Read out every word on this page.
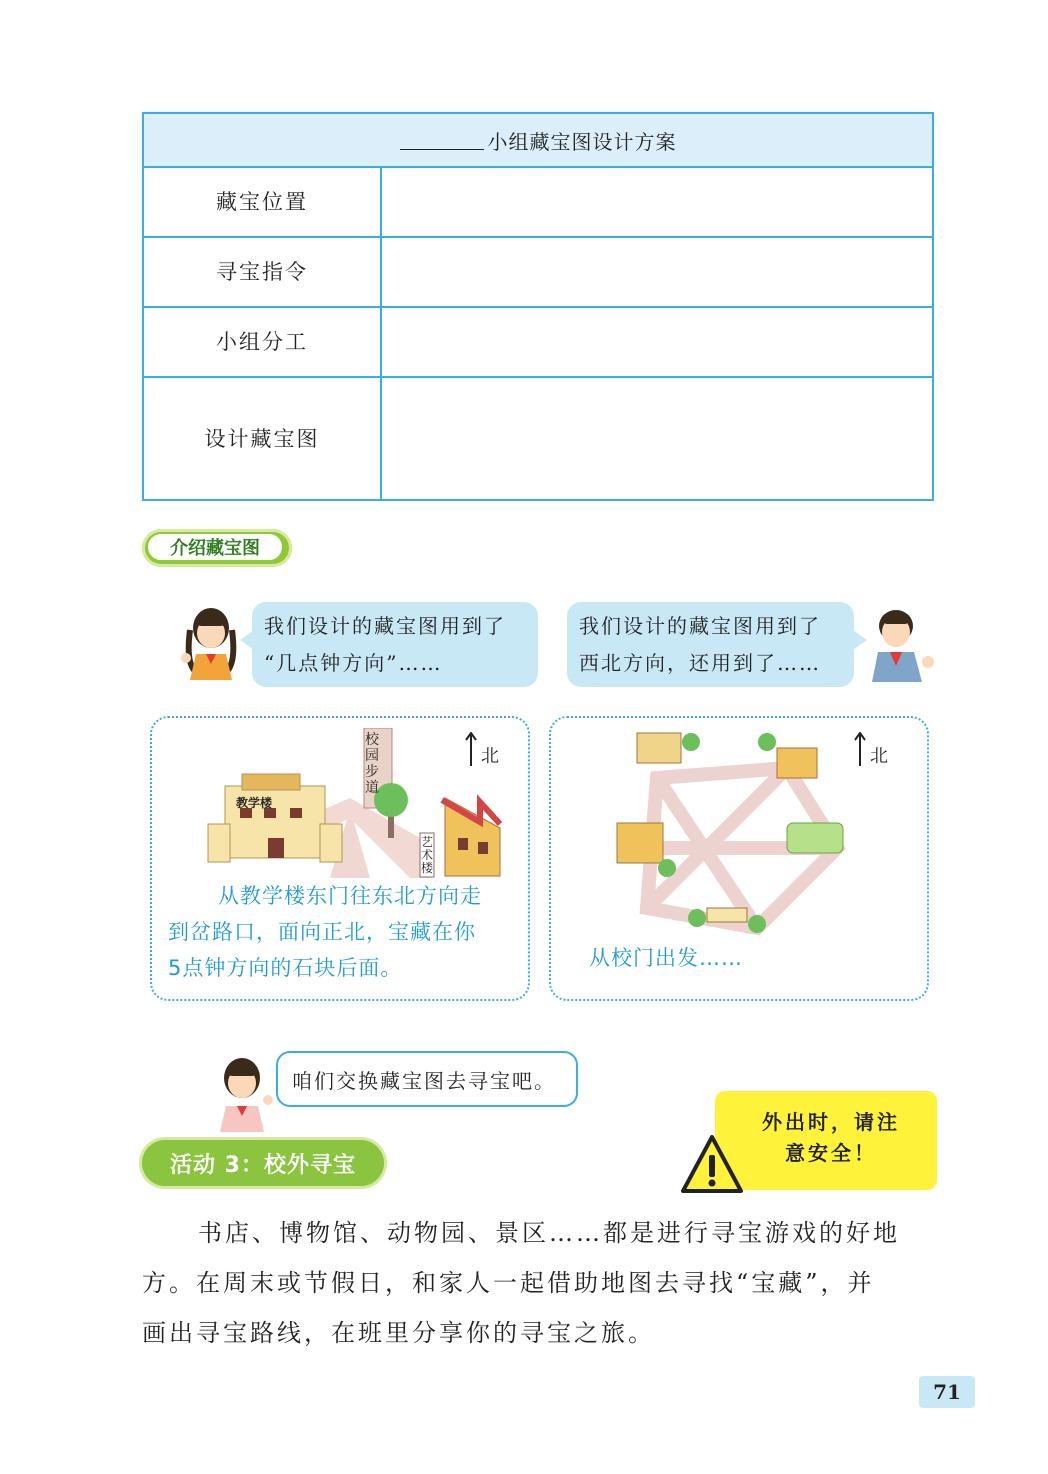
小组藏宝图设计方案
藏宝位置
寻宝指令
小组分工
设计藏宝图
介绍藏宝图
我们设计的藏宝图用到了
“几点钟方向”……
我们设计的藏宝图用到了
西北方向，还用到了……
教学楼
校园步道
艺术楼
北
从教学楼东门往东北方向走
到岔路口，面向正北，宝藏在你
5点钟方向的石块后面。
北
从校门出发……
咱们交换藏宝图去寻宝吧。
外出时，请注
意安全！
活动 3：校外寻宝

书店、博物馆、动物园、景区……都是进行寻宝游戏的好地

方。在周末或节假日，和家人一起借助地图去寻找“宝藏”，并
画出寻宝路线，在班里分享你的寻宝之旅。
71
